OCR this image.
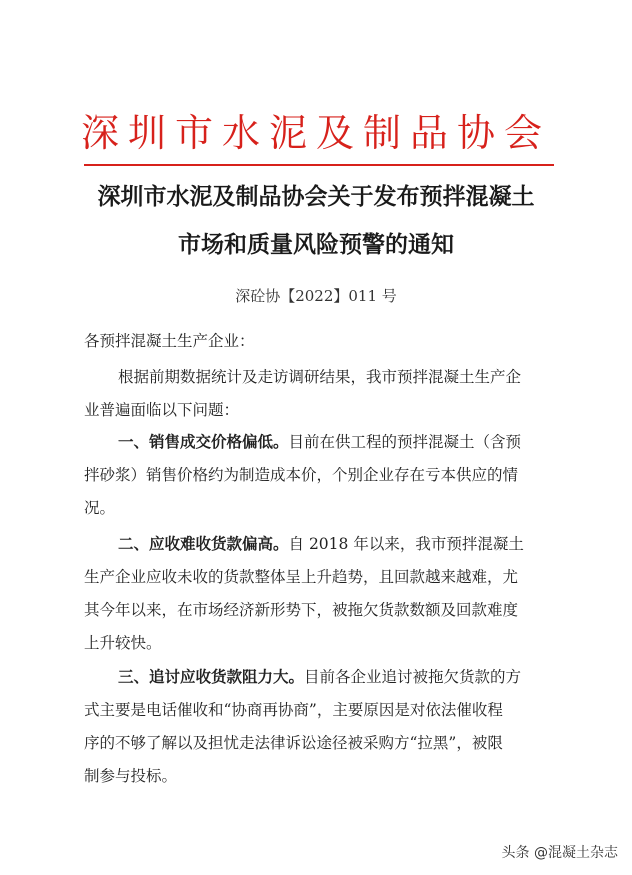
深圳市水泥及制品协会
深圳市水泥及制品协会关于发布预拌混凝土
市场和质量风险预警的通知
深砼协【2022】011 号
各预拌混凝土生产企业：
根据前期数据统计及走访调研结果，我市预拌混凝土生产企
业普遍面临以下问题：
一、销售成交价格偏低。目前在供工程的预拌混凝土（含预
拌砂浆）销售价格约为制造成本价，个别企业存在亏本供应的情
况。
二、应收难收货款偏高。自 2018 年以来，我市预拌混凝土
生产企业应收未收的货款整体呈上升趋势，且回款越来越难，尤
其今年以来，在市场经济新形势下，被拖欠货款数额及回款难度
上升较快。
三、追讨应收货款阻力大。目前各企业追讨被拖欠货款的方
式主要是电话催收和“协商再协商”，主要原因是对依法催收程
序的不够了解以及担忧走法律诉讼途径被采购方“拉黑”，被限
制参与投标。
头条 @混凝土杂志
